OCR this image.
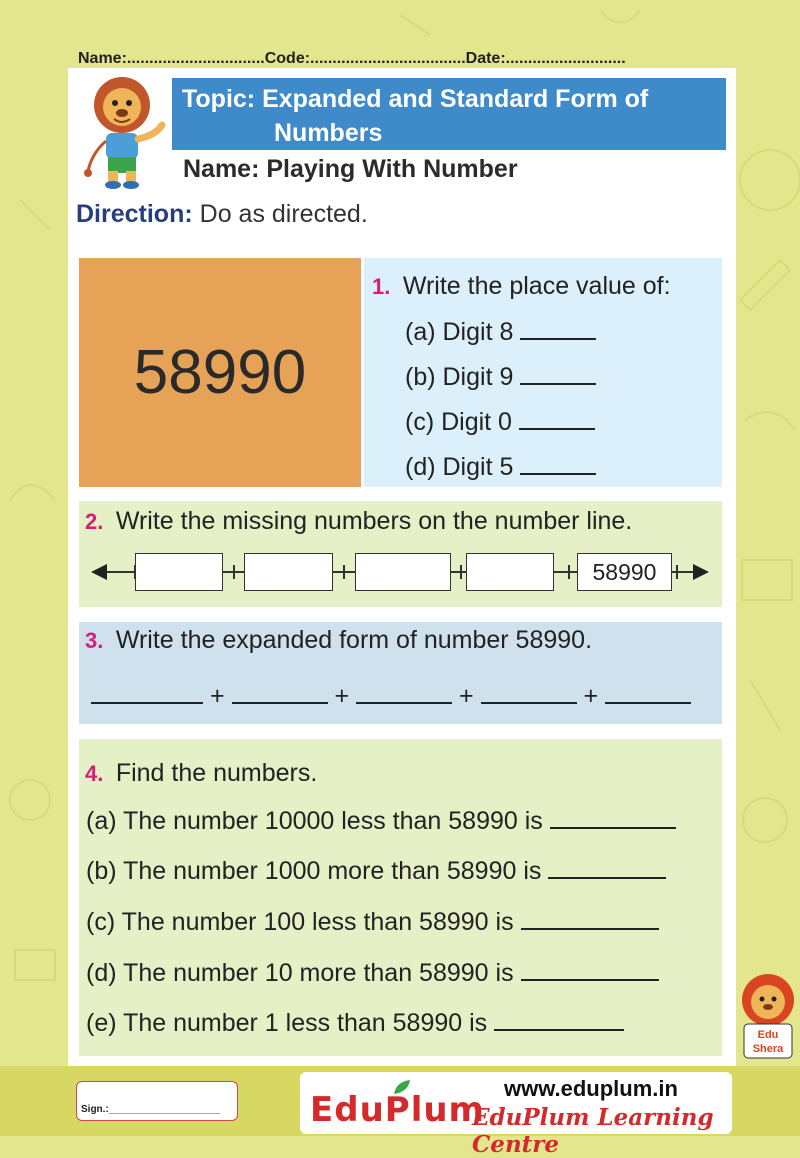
Name:...............................Code:...................................Date:...........................
Topic: Expanded and Standard Form of
Numbers
Name: Playing With Number
Direction: Do as directed.
58990
1. Write the place value of:
(a) Digit 8
(b) Digit 9
(c) Digit 0
(d) Digit 5
2. Write the missing numbers on the number line.
58990
3. Write the expanded form of number 58990.
+	+	+	+
4. Find the numbers.
(a) The number 10000 less than 58990 is
(b) The number 1000 more than 58990 is
(c) The number 100 less than 58990 is
(d) The number 10 more than 58990 is
(e) The number 1 less than 58990 is	Edu
Shera
Sign.:____________________	EduPlum
www.eduplum.in
EduPlum Learning Centre
